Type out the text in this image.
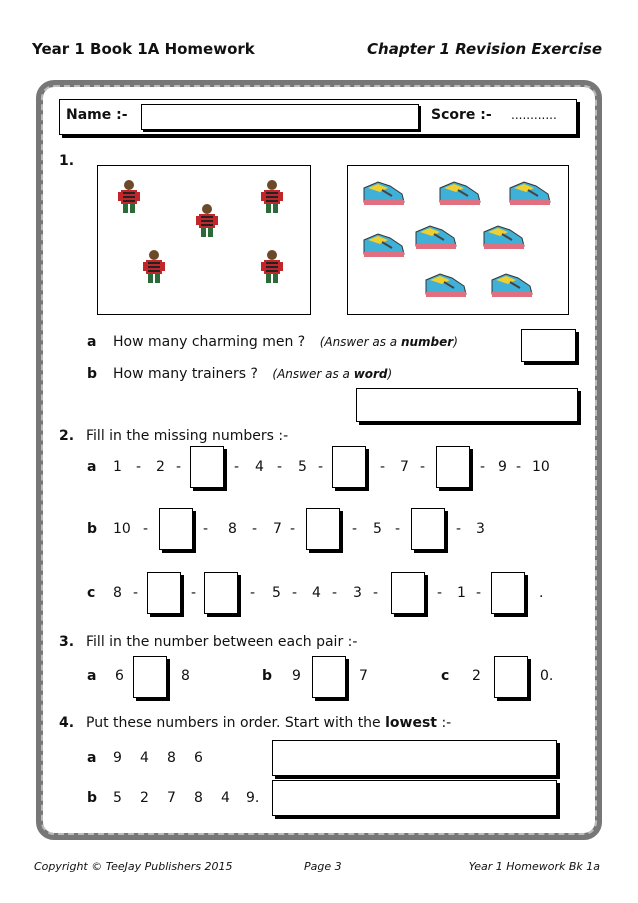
Year 1 Book 1A Homework	Chapter 1 Revision Exercise
Name :-	Score :- ............
1.
a How many charming men ? (Answer as a number)
b How many trainers ? (Answer as a word)
2. Fill in the missing numbers :-
a 1 - 2 -	- 4 - 5 -	- 7 -	- 9 - 10
b 10 -	- 8 - 7 -	- 5 -	- 3
c 8 -	-	- 5 - 4 - 3 -	- 1 -	.
3. Fill in the number between each pair :-
a 6	8	b 9	7	c 2	0.
4. Put these numbers in order. Start with the lowest :-
a 9 4 8 6
b 5 2 7 8 4 9.
Copyright © TeeJay Publishers 2015	Page 3	Year 1 Homework Bk 1a
